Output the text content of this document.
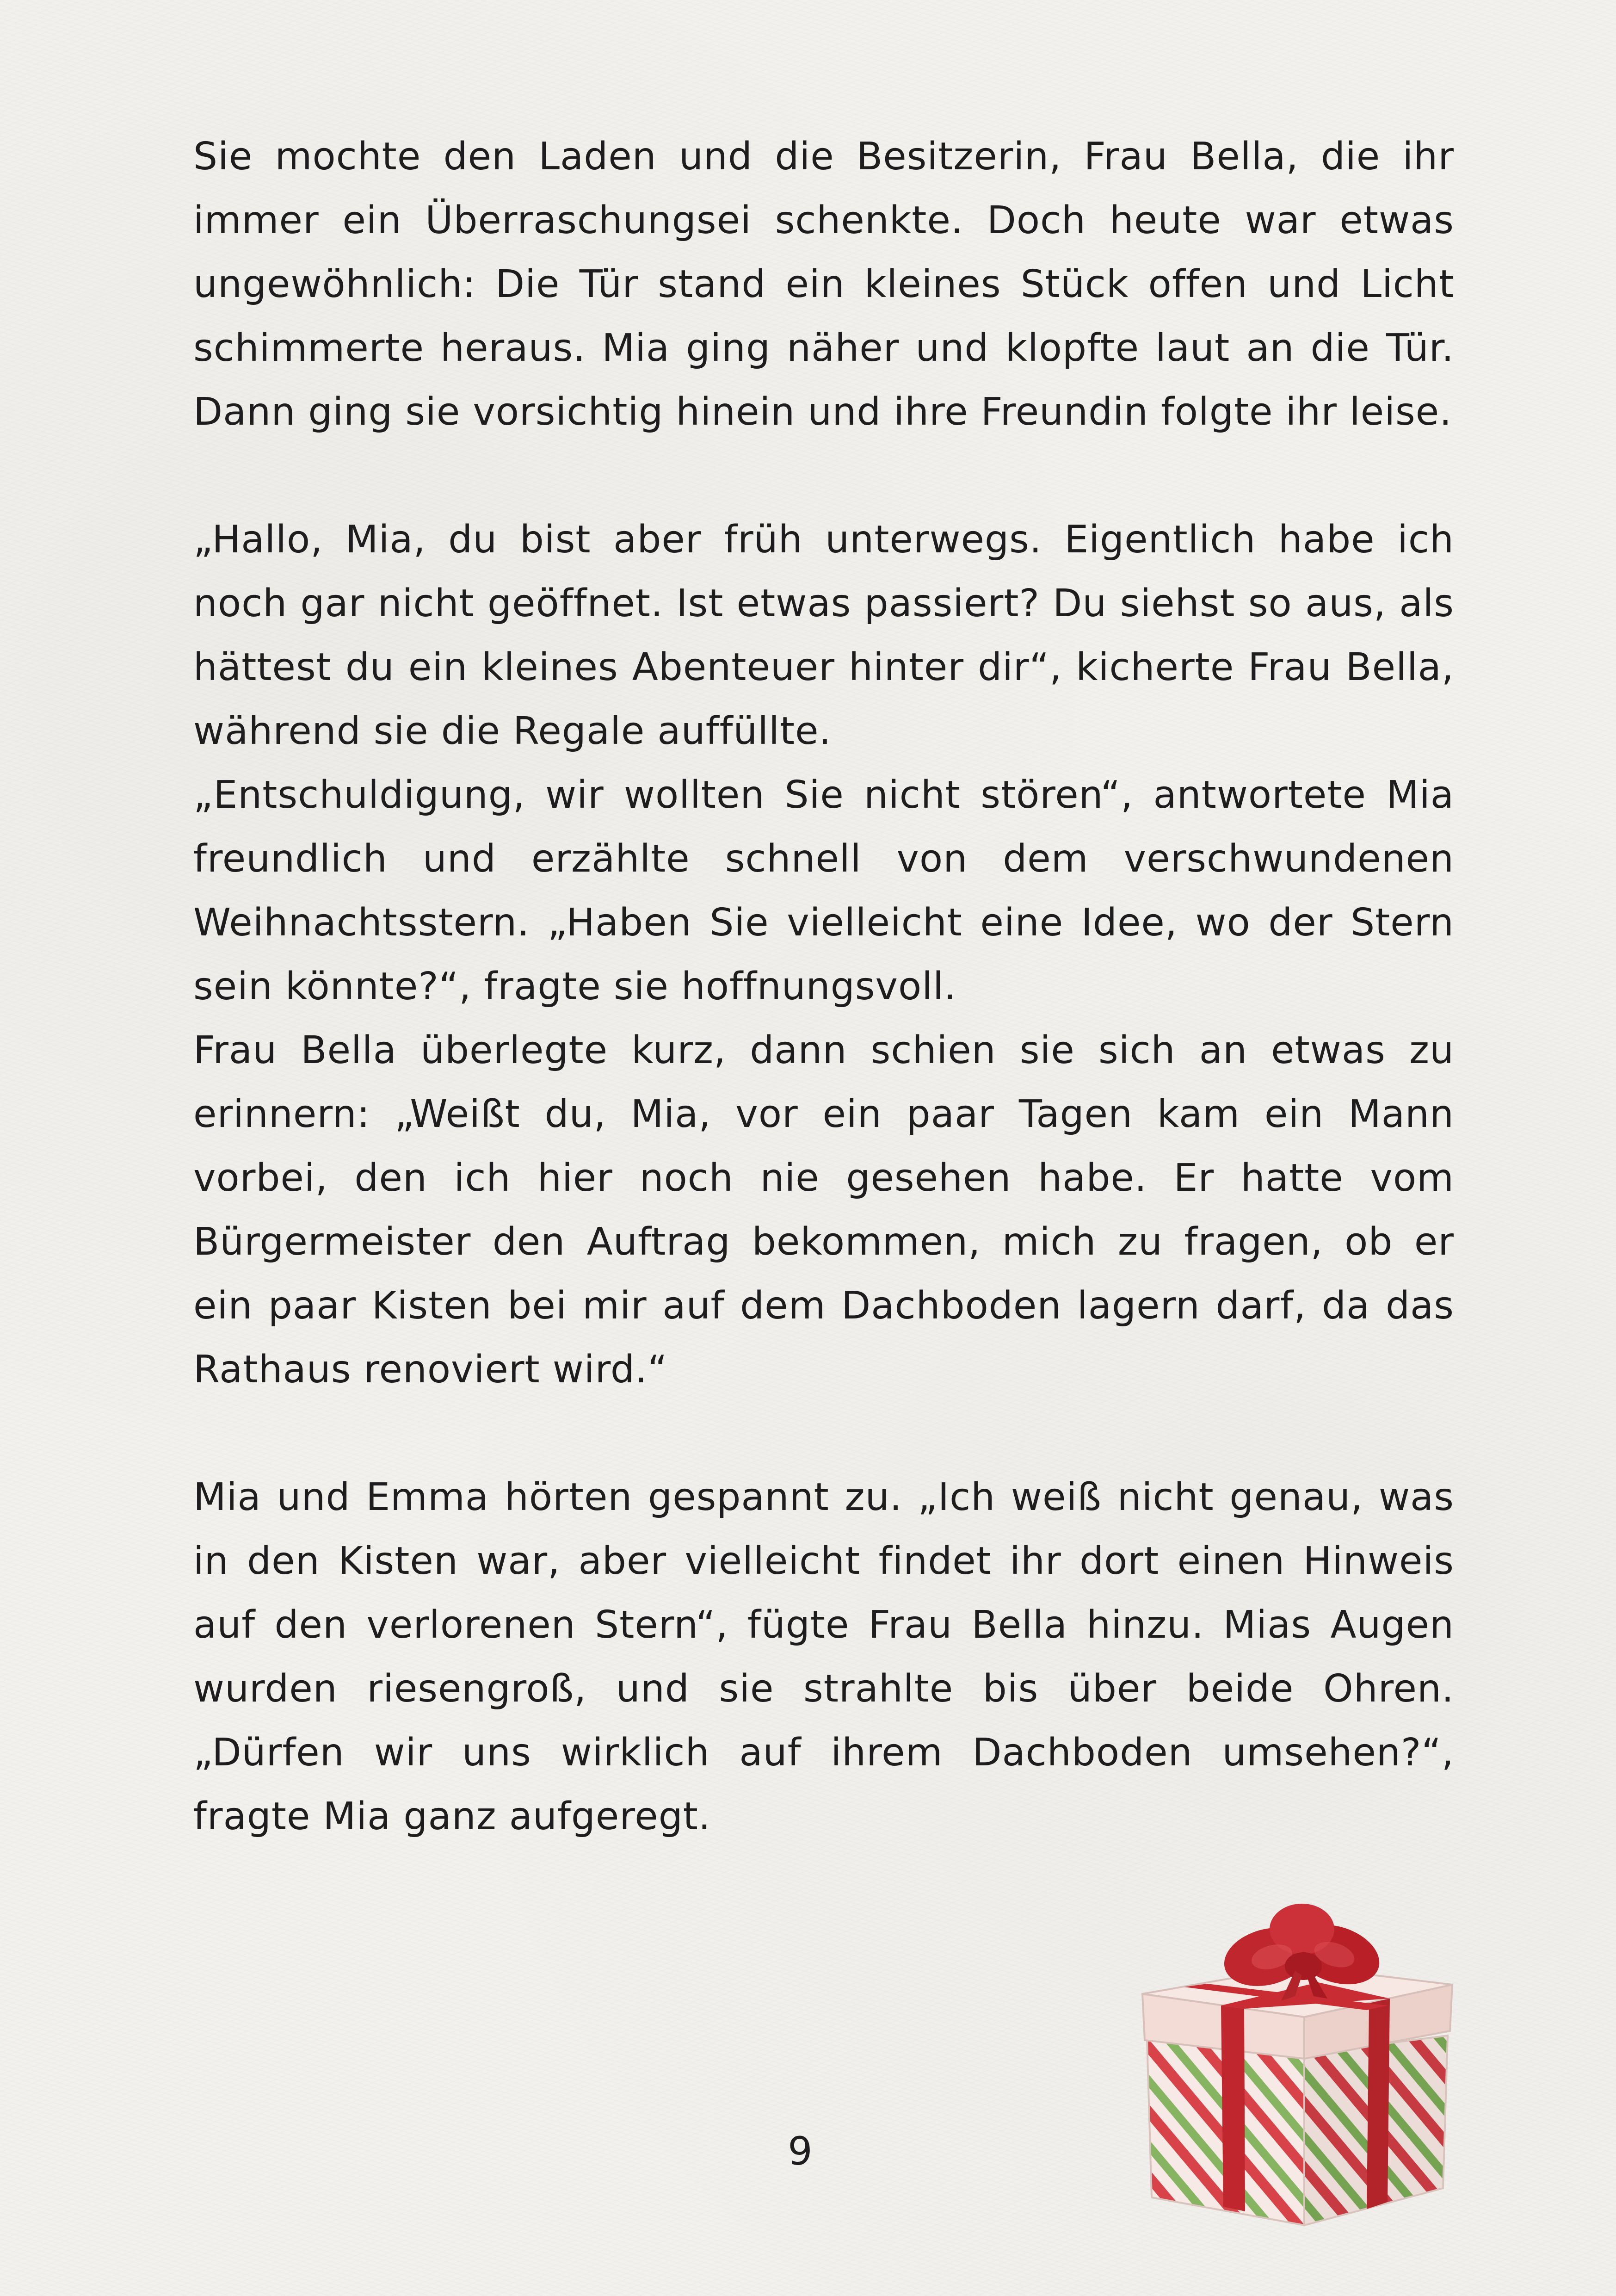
Sie mochte den Laden und die Besitzerin, Frau Bella, die ihr immer ein Überraschungsei schenkte. Doch heute war etwas ungewöhnlich: Die Tür stand ein kleines Stück offen und Licht schimmerte heraus. Mia ging näher und klopfte laut an die Tür. Dann ging sie vorsichtig hinein und ihre Freundin folgte ihr leise.

„Hallo, Mia, du bist aber früh unterwegs. Eigentlich habe ich noch gar nicht geöffnet. Ist etwas passiert? Du siehst so aus, als hättest du ein kleines Abenteuer hinter dir“, kicherte Frau Bella, während sie die Regale auffüllte.

„Entschuldigung, wir wollten Sie nicht stören“, antwortete Mia freundlich und erzählte schnell von dem verschwundenen Weihnachtsstern. „Haben Sie vielleicht eine Idee, wo der Stern sein könnte?“, fragte sie hoffnungsvoll.

Frau Bella überlegte kurz, dann schien sie sich an etwas zu erinnern: „Weißt du, Mia, vor ein paar Tagen kam ein Mann vorbei, den ich hier noch nie gesehen habe. Er hatte vom Bürgermeister den Auftrag bekommen, mich zu fragen, ob er ein paar Kisten bei mir auf dem Dachboden lagern darf, da das Rathaus renoviert wird.“

Mia und Emma hörten gespannt zu. „Ich weiß nicht genau, was in den Kisten war, aber vielleicht findet ihr dort einen Hinweis auf den verlorenen Stern“, fügte Frau Bella hinzu. Mias Augen wurden riesengroß, und sie strahlte bis über beide Ohren. „Dürfen wir uns wirklich auf ihrem Dachboden umsehen?“, fragte Mia ganz aufgeregt.

9
